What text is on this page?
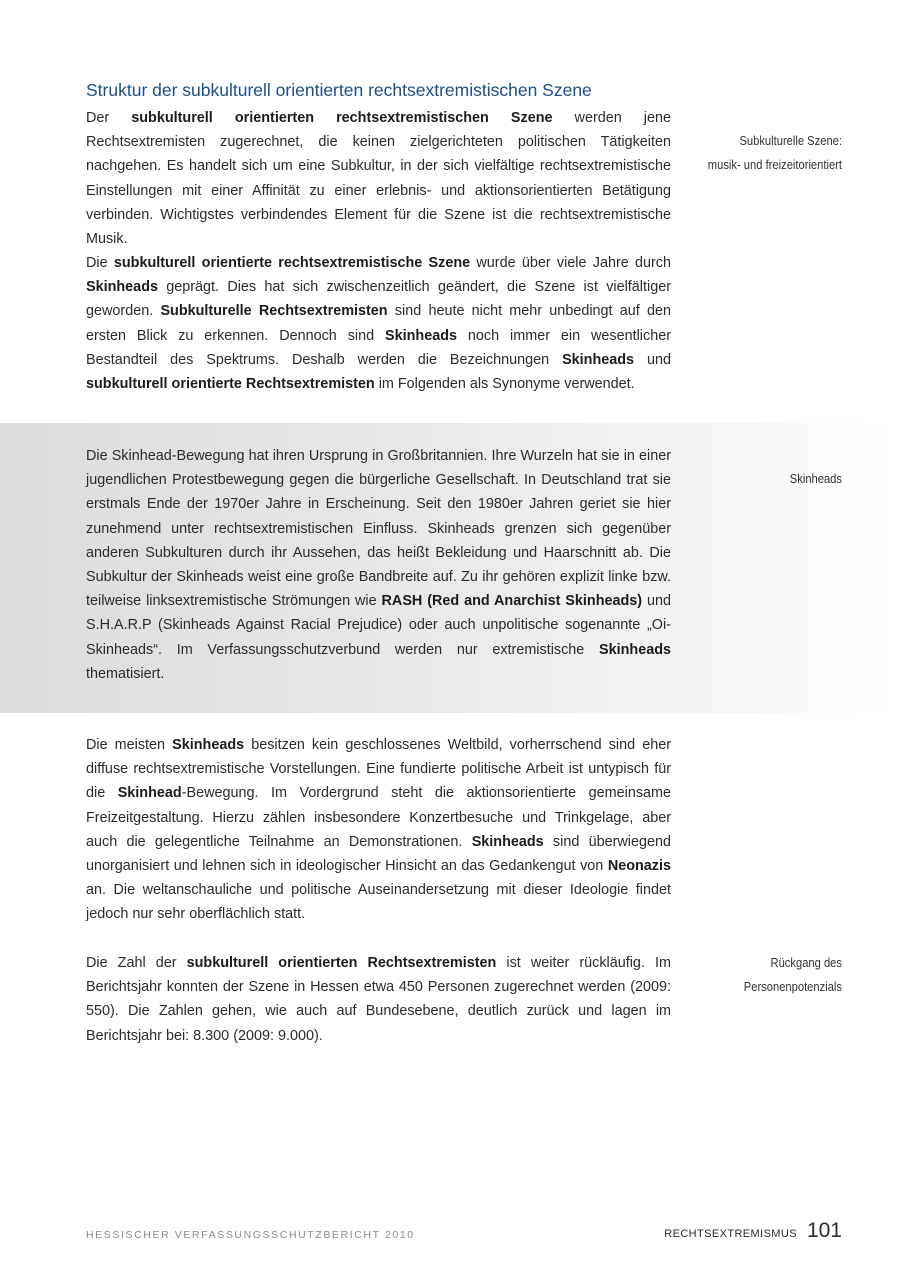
Struktur der subkulturell orientierten rechtsextremistischen Szene

Der subkulturell orientierten rechtsextremistischen Szene werden jene Rechtsextremisten zugerechnet, die keinen zielgerichteten politischen Tätigkeiten nachgehen. Es handelt sich um eine Subkultur, in der sich vielfältige rechtsextremistische Einstellungen mit einer Affinität zu einer erlebnis- und aktionsorientierten Betätigung verbinden. Wichtigstes verbindendes Element für die Szene ist die rechtsextremistische Musik.

Die subkulturell orientierte rechtsextremistische Szene wurde über viele Jahre durch Skinheads geprägt. Dies hat sich zwischenzeitlich geändert, die Szene ist vielfältiger geworden. Subkulturelle Rechtsextremisten sind heute nicht mehr unbedingt auf den ersten Blick zu erkennen. Dennoch sind Skinheads noch immer ein wesentlicher Bestandteil des Spektrums. Deshalb werden die Bezeichnungen Skinheads und subkulturell orientierte Rechtsextremisten im Folgenden als Synonyme verwendet.

Die Skinhead-Bewegung hat ihren Ursprung in Großbritannien. Ihre Wurzeln hat sie in einer jugendlichen Protestbewegung gegen die bürgerliche Gesellschaft. In Deutschland trat sie erstmals Ende der 1970er Jahre in Erscheinung. Seit den 1980er Jahren geriet sie hier zunehmend unter rechtsextremistischen Einfluss. Skinheads grenzen sich gegenüber anderen Subkulturen durch ihr Aussehen, das heißt Bekleidung und Haarschnitt ab. Die Subkultur der Skinheads weist eine große Bandbreite auf. Zu ihr gehören explizit linke bzw. teilweise linksextremistische Strömungen wie RASH (Red and Anarchist Skinheads) und S.H.A.R.P (Skinheads Against Racial Prejudice) oder auch unpolitische sogenannte „Oi-Skinheads“. Im Verfassungsschutzverbund werden nur extremistische Skinheads thematisiert.

Die meisten Skinheads besitzen kein geschlossenes Weltbild, vorherrschend sind eher diffuse rechtsextremistische Vorstellungen. Eine fundierte politische Arbeit ist untypisch für die Skinhead-Bewegung. Im Vordergrund steht die aktionsorientierte gemeinsame Freizeitgestaltung. Hierzu zählen insbesondere Konzertbesuche und Trinkgelage, aber auch die gelegentliche Teilnahme an Demonstrationen. Skinheads sind überwiegend unorganisiert und lehnen sich in ideologischer Hinsicht an das Gedankengut von Neonazis an. Die weltanschauliche und politische Auseinandersetzung mit dieser Ideologie findet jedoch nur sehr oberflächlich statt.

Die Zahl der subkulturell orientierten Rechtsextremisten ist weiter rückläufig. Im Berichtsjahr konnten der Szene in Hessen etwa 450 Personen zugerechnet werden (2009: 550). Die Zahlen gehen, wie auch auf Bundesebene, deutlich zurück und lagen im Berichtsjahr bei: 8.300 (2009: 9.000).

Subkulturelle Szene:
musik- und freizeitorientiert
Skinheads
Rückgang des
Personenpotenzials
HESSISCHER VERFASSUNGSSCHUTZBERICHT 2010	RECHTSEXTREMISMUS 101
